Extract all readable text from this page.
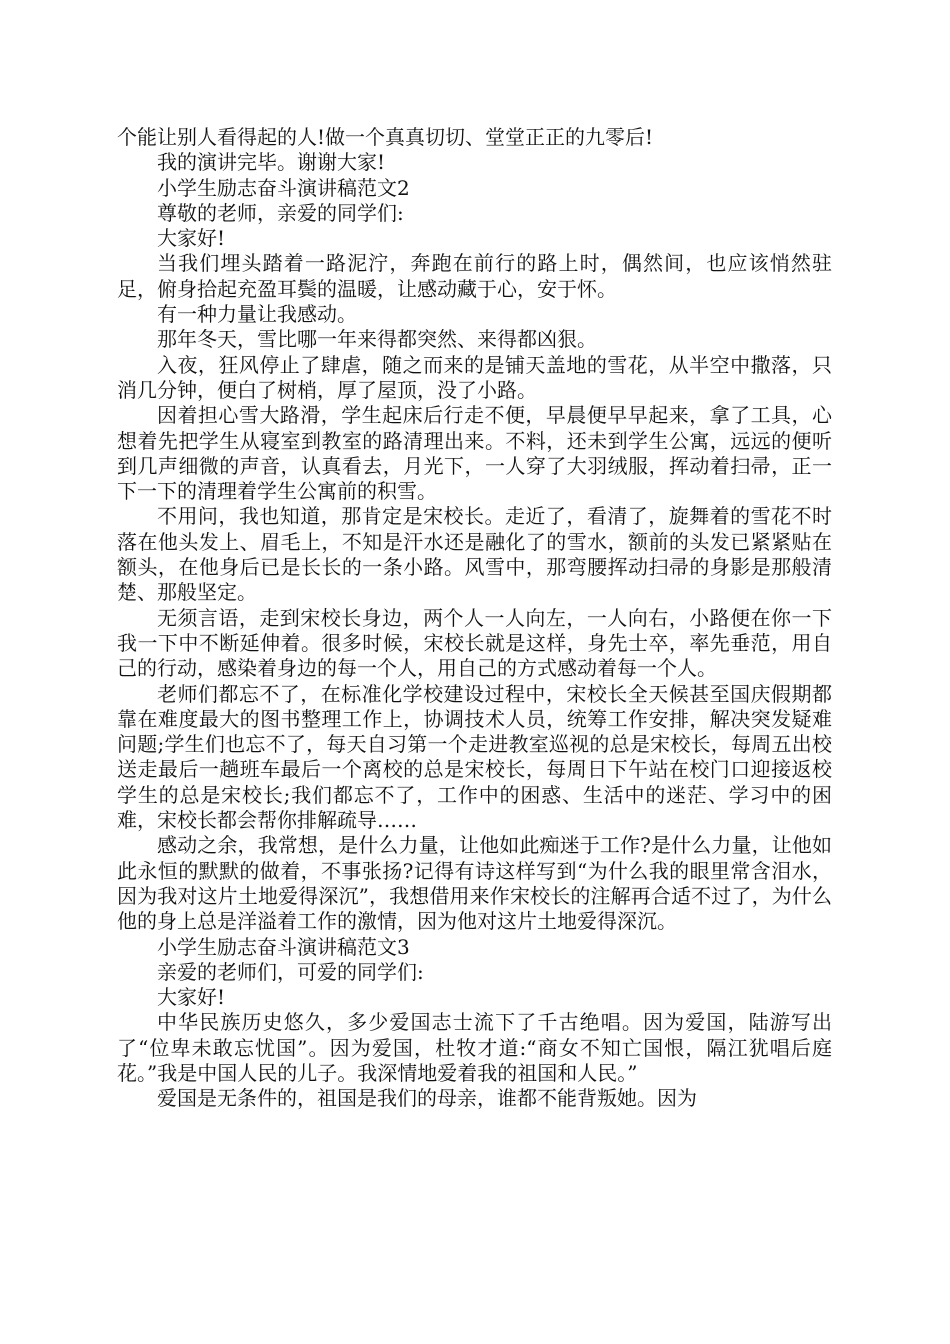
个能让别人看得起的人!做一个真真切切、堂堂正正的九零后!

我的演讲完毕。谢谢大家!

小学生励志奋斗演讲稿范文2

尊敬的老师，亲爱的同学们:

大家好!

当我们埋头踏着一路泥泞，奔跑在前行的路上时，偶然间，也应该悄然驻足，俯身拾起充盈耳鬓的温暖，让感动藏于心，安于怀。

有一种力量让我感动。

那年冬天，雪比哪一年来得都突然、来得都凶狠。

入夜，狂风停止了肆虐，随之而来的是铺天盖地的雪花，从半空中撒落，只消几分钟，便白了树梢，厚了屋顶，没了小路。

因着担心雪大路滑，学生起床后行走不便，早晨便早早起来，拿了工具，心想着先把学生从寝室到教室的路清理出来。不料，还未到学生公寓，远远的便听到几声细微的声音，认真看去，月光下，一人穿了大羽绒服，挥动着扫帚，正一下一下的清理着学生公寓前的积雪。

不用问，我也知道，那肯定是宋校长。走近了，看清了，旋舞着的雪花不时落在他头发上、眉毛上，不知是汗水还是融化了的雪水，额前的头发已紧紧贴在额头，在他身后已是长长的一条小路。风雪中，那弯腰挥动扫帚的身影是那般清楚、那般坚定。

无须言语，走到宋校长身边，两个人一人向左，一人向右，小路便在你一下我一下中不断延伸着。很多时候，宋校长就是这样，身先士卒，率先垂范，用自己的行动，感染着身边的每一个人，用自己的方式感动着每一个人。

老师们都忘不了，在标准化学校建设过程中，宋校长全天候甚至国庆假期都靠在难度最大的图书整理工作上，协调技术人员，统筹工作安排，解决突发疑难问题;学生们也忘不了，每天自习第一个走进教室巡视的总是宋校长，每周五出校送走最后一趟班车最后一个离校的总是宋校长，每周日下午站在校门口迎接返校学生的总是宋校长;我们都忘不了，工作中的困惑、生活中的迷茫、学习中的困难，宋校长都会帮你排解疏导……

感动之余，我常想，是什么力量，让他如此痴迷于工作?是什么力量，让他如此永恒的默默的做着，不事张扬?记得有诗这样写到“为什么我的眼里常含泪水，因为我对这片土地爱得深沉”，我想借用来作宋校长的注解再合适不过了，为什么他的身上总是洋溢着工作的激情，因为他对这片土地爱得深沉。

小学生励志奋斗演讲稿范文3

亲爱的老师们，可爱的同学们:

大家好!

中华民族历史悠久，多少爱国志士流下了千古绝唱。因为爱国，陆游写出了“位卑未敢忘忧国”。因为爱国，杜牧才道:“商女不知亡国恨，隔江犹唱后庭花。”我是中国人民的儿子。我深情地爱着我的祖国和人民。”

爱国是无条件的，祖国是我们的母亲，谁都不能背叛她。因为
